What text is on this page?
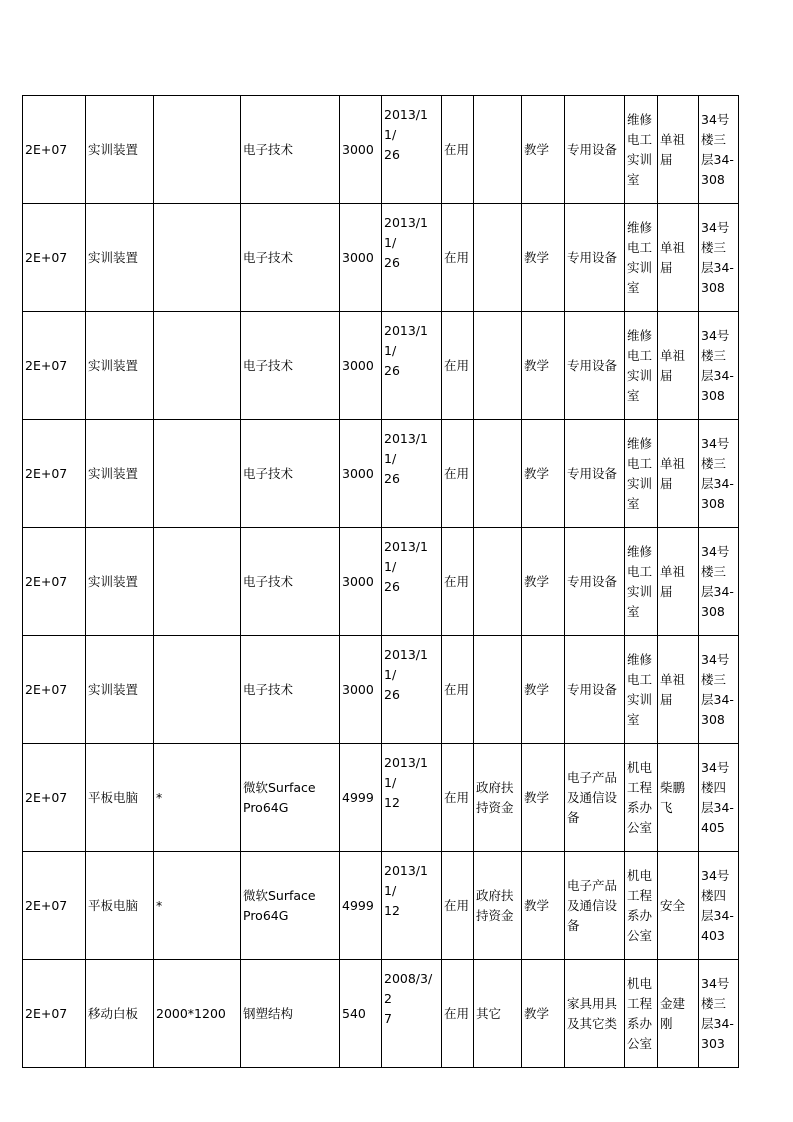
2E+07	实训装置		电子技术	3000	2013/11/
26	在用		教学	专用设备	维修
电工
实训
室	单祖
届	34号
楼三
层34-
308
2E+07	实训装置		电子技术	3000	2013/11/
26	在用		教学	专用设备	维修
电工
实训
室	单祖
届	34号
楼三
层34-
308
2E+07	实训装置		电子技术	3000	2013/11/
26	在用		教学	专用设备	维修
电工
实训
室	单祖
届	34号
楼三
层34-
308
2E+07	实训装置		电子技术	3000	2013/11/
26	在用		教学	专用设备	维修
电工
实训
室	单祖
届	34号
楼三
层34-
308
2E+07	实训装置		电子技术	3000	2013/11/
26	在用		教学	专用设备	维修
电工
实训
室	单祖
届	34号
楼三
层34-
308
2E+07	实训装置		电子技术	3000	2013/11/
26	在用		教学	专用设备	维修
电工
实训
室	单祖
届	34号
楼三
层34-
308
2E+07	平板电脑	*	微软Surface
Pro64G	4999	2013/11/
12	在用	政府扶
持资金	教学	电子产品
及通信设
备	机电
工程
系办
公室	柴鹏
飞	34号
楼四
层34-
405
2E+07	平板电脑	*	微软Surface
Pro64G	4999	2013/11/
12	在用	政府扶
持资金	教学	电子产品
及通信设
备	机电
工程
系办
公室	安全	34号
楼四
层34-
403
2E+07	移动白板	2000*1200	钢塑结构	540	2008/3/2
7	在用	其它	教学	家具用具
及其它类	机电
工程
系办
公室	金建
刚	34号
楼三
层34-
303
